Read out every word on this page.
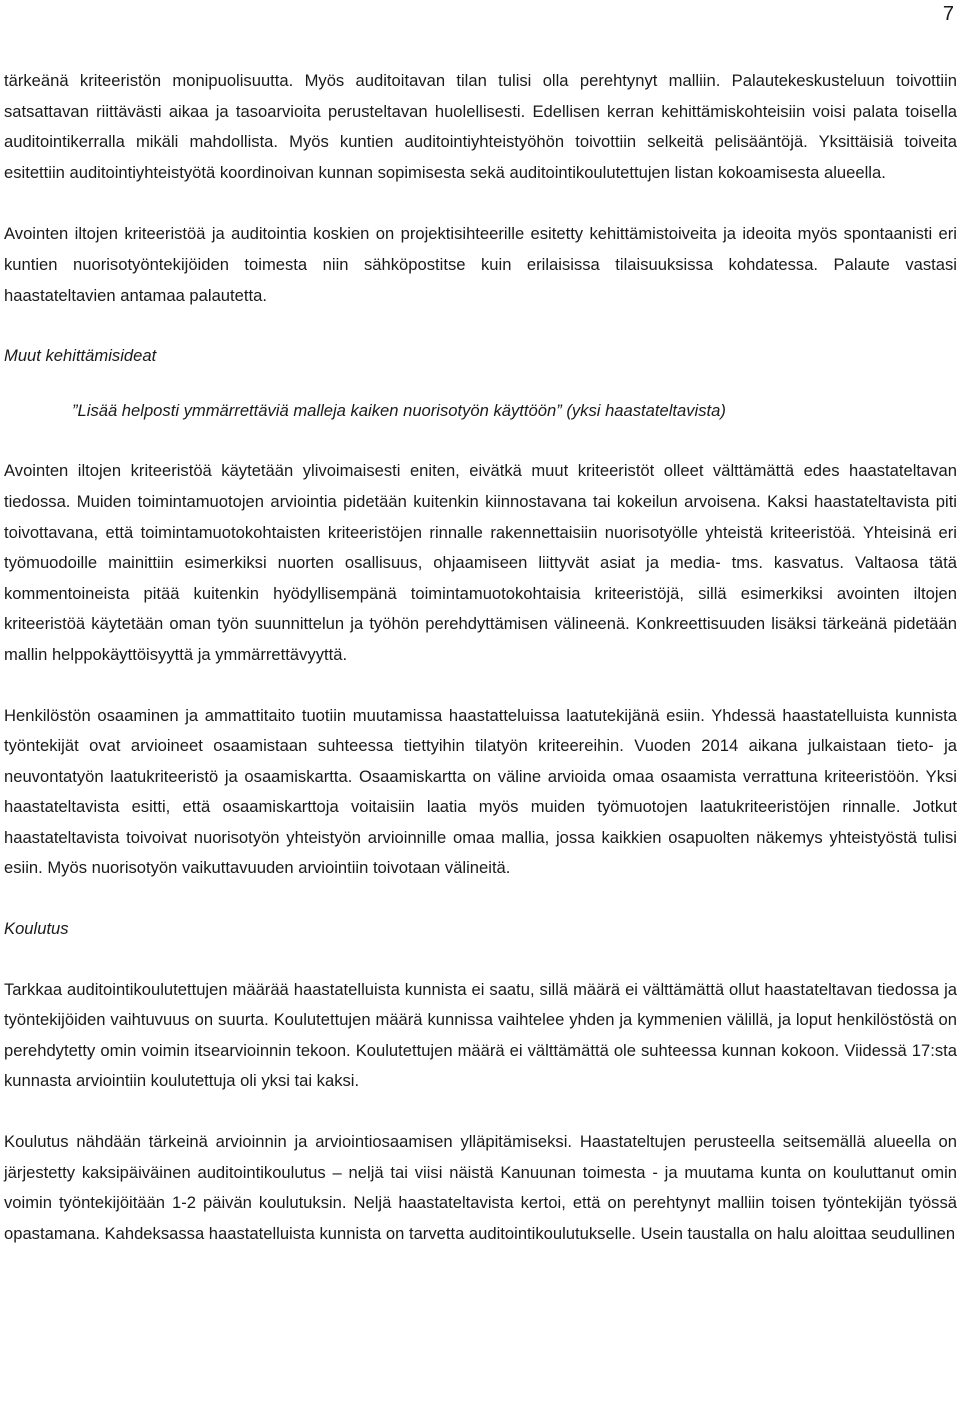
7

tärkeänä kriteeristön monipuolisuutta. Myös auditoitavan tilan tulisi olla perehtynyt malliin. Palautekeskusteluun toivottiin satsattavan riittävästi aikaa ja tasoarvioita perusteltavan huolellisesti. Edellisen kerran kehittämiskohteisiin voisi palata toisella auditointikerralla mikäli mahdollista. Myös kuntien auditointiyhteistyöhön toivottiin selkeitä pelisääntöjä. Yksittäisiä toiveita esitettiin auditointiyhteistyötä koordinoivan kunnan sopimisesta sekä auditointikoulutettujen listan kokoamisesta alueella.

Avointen iltojen kriteeristöä ja auditointia koskien on projektisihteerille esitetty kehittämistoiveita ja ideoita myös spontaanisti eri kuntien nuorisotyöntekijöiden toimesta niin sähköpostitse kuin erilaisissa tilaisuuksissa kohdatessa. Palaute vastasi haastateltavien antamaa palautetta.

Muut kehittämisideat

”Lisää helposti ymmärrettäviä malleja kaiken nuorisotyön käyttöön” (yksi haastateltavista)

Avointen iltojen kriteeristöä käytetään ylivoimaisesti eniten, eivätkä muut kriteeristöt olleet välttämättä edes haastateltavan tiedossa. Muiden toimintamuotojen arviointia pidetään kuitenkin kiinnostavana tai kokeilun arvoisena. Kaksi haastateltavista piti toivottavana, että toimintamuotokohtaisten kriteeristöjen rinnalle rakennettaisiin nuorisotyölle yhteistä kriteeristöä. Yhteisinä eri työmuodoille mainittiin esimerkiksi nuorten osallisuus, ohjaamiseen liittyvät asiat ja media- tms. kasvatus. Valtaosa tätä kommentoineista pitää kuitenkin hyödyllisempänä toimintamuotokohtaisia kriteeristöjä, sillä esimerkiksi avointen iltojen kriteeristöä käytetään oman työn suunnittelun ja työhön perehdyttämisen välineenä. Konkreettisuuden lisäksi tärkeänä pidetään mallin helppokäyttöisyyttä ja ymmärrettävyyttä.

Henkilöstön osaaminen ja ammattitaito tuotiin muutamissa haastatteluissa laatutekijänä esiin. Yhdessä haastatelluista kunnista työntekijät ovat arvioineet osaamistaan suhteessa tiettyihin tilatyön kriteereihin. Vuoden 2014 aikana julkaistaan tieto- ja neuvontatyön laatukriteeristö ja osaamiskartta. Osaamiskartta on väline arvioida omaa osaamista verrattuna kriteeristöön. Yksi haastateltavista esitti, että osaamiskarttoja voitaisiin laatia myös muiden työmuotojen laatukriteeristöjen rinnalle. Jotkut haastateltavista toivoivat nuorisotyön yhteistyön arvioinnille omaa mallia, jossa kaikkien osapuolten näkemys yhteistyöstä tulisi esiin. Myös nuorisotyön vaikuttavuuden arviointiin toivotaan välineitä.

Koulutus

Tarkkaa auditointikoulutettujen määrää haastatelluista kunnista ei saatu, sillä määrä ei välttämättä ollut haastateltavan tiedossa ja työntekijöiden vaihtuvuus on suurta. Koulutettujen määrä kunnissa vaihtelee yhden ja kymmenien välillä, ja loput henkilöstöstä on perehdytetty omin voimin itsearvioinnin tekoon. Koulutettujen määrä ei välttämättä ole suhteessa kunnan kokoon. Viidessä 17:sta kunnasta arviointiin koulutettuja oli yksi tai kaksi.

Koulutus nähdään tärkeinä arvioinnin ja arviointiosaamisen ylläpitämiseksi. Haastateltujen perusteella seitsemällä alueella on järjestetty kaksipäiväinen auditointikoulutus – neljä tai viisi näistä Kanuunan toimesta - ja muutama kunta on kouluttanut omin voimin työntekijöitään 1-2 päivän koulutuksin. Neljä haastateltavista kertoi, että on perehtynyt malliin toisen työntekijän työssä opastamana. Kahdeksassa haastatelluista kunnista on tarvetta auditointikoulutukselle. Usein taustalla on halu aloittaa seudullinen
